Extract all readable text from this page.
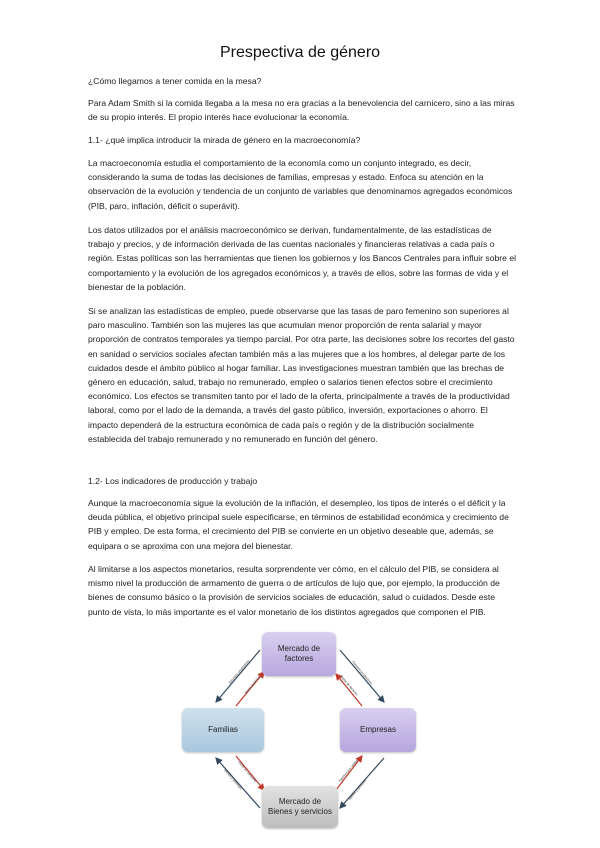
Prespectiva de género

¿Cómo llegamos a tener comida en la mesa?

Para Adam Smith si la comida llegaba a la mesa no era gracias a la benevolencia del carnicero, sino a las miras de su propio interés. El propio interés hace evolucionar la economía.

1.1- ¿qué implica introducir la mirada de género en la macroeconomía?

La macroeconomía estudia el comportamiento de la economía como un conjunto integrado, es decir, considerando la suma de todas las decisiones de familias, empresas y estado. Enfoca su atención en la observación de la evolución y tendencia de un conjunto de variables que denominamos agregados económicos (PIB, paro, inflación, déficit o superávit).

Los datos utilizados por el análisis macroeconómico se derivan, fundamentalmente, de las estadísticas de trabajo y precios, y de información derivada de las cuentas nacionales y financieras relativas a cada país o región. Estas políticas son las herramientas que tienen los gobiernos y los Bancos Centrales para influir sobre el comportamiento y la evolución de los agregados económicos y, a través de ellos, sobre las formas de vida y el bienestar de la población.

Si se analizan las estadísticas de empleo, puede observarse que las tasas de paro femenino son superiores al paro masculino. También son las mujeres las que acumulan menor proporción de renta salarial y mayor proporción de contratos temporales ya tiempo parcial. Por otra parte, las decisiones sobre los recortes del gasto en sanidad o servicios sociales afectan también más a las mujeres que a los hombres, al delegar parte de los cuidados desde el ámbito público al hogar familiar. Las investigaciones muestran también que las brechas de género en educación, salud, trabajo no remunerado, empleo o salarios tienen efectos sobre el crecimiento económico. Los efectos se transmiten tanto por el lado de la oferta, principalmente a través de la productividad laboral, como por el lado de la demanda, a través del gasto público, inversión, exportaciones o ahorro. El impacto dependerá de la estructura económica de cada país o región y de la distribución socialmente establecida del trabajo remunerado y no remunerado en función del género.

1.2- Los indicadores de producción y trabajo

Aunque la macroeconomía sigue la evolución de la inflación, el desempleo, los tipos de interés o el déficit y la deuda pública, el objetivo principal suele especificarse, en términos de estabilidad económica y crecimiento de PIB y empleo. De esta forma, el crecimiento del PIB se convierte en un objetivo deseable que, además, se equipara o se aproxima con una mejora del bienestar.

Al limitarse a los aspectos monetarios, resulta sorprendente ver cómo, en el cálculo del PIB, se considera al mismo nivel la producción de armamento de guerra o de artículos de lujo que, por ejemplo, la producción de bienes de consumo básico o la provisión de servicios sociales de educación, salud o cuidados. Desde este punto de vista, lo más importante es el valor monetario de los distintos agregados que componen el PIB.

Servicios productivos
Renta (salarios)	Factores productivos
Pagos de factores
Bienes y servicios
Gasto en consumo
Bienes y servicios
Ingresos por ventas
Mercado de
factores
Familias	Empresas
Mercado de
Bienes y servicios
